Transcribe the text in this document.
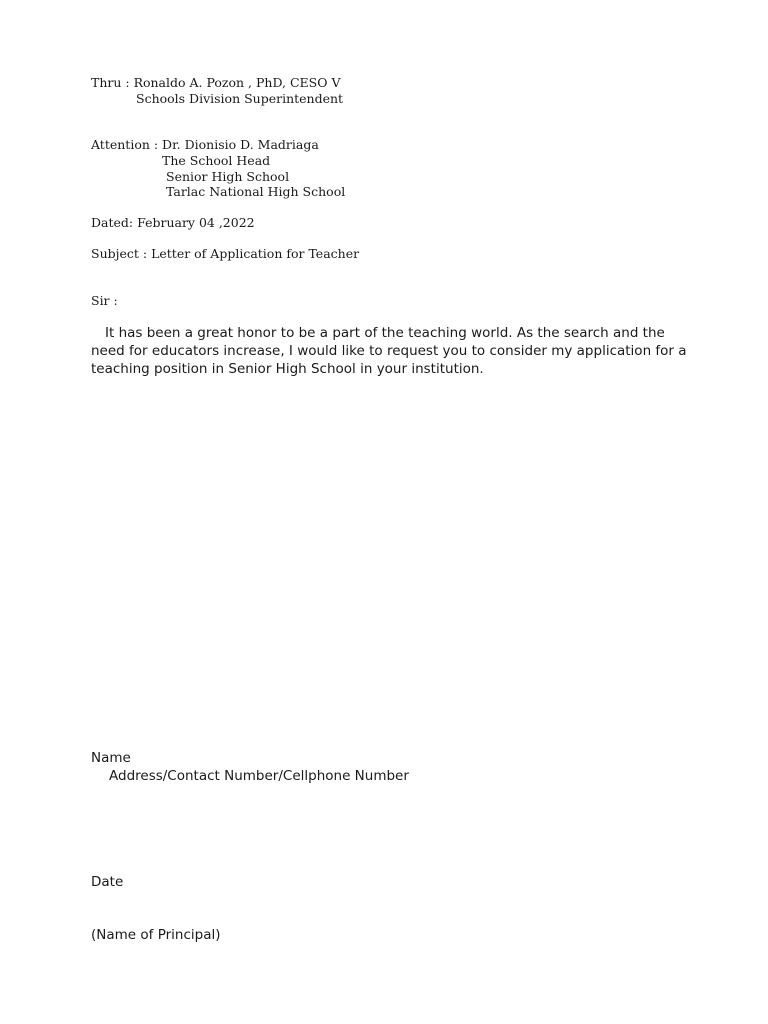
Thru : Ronaldo A. Pozon , PhD, CESO V
Schools Division Superintendent
Attention : Dr. Dionisio D. Madriaga
The School Head
Senior High School
Tarlac National High School
Dated: February 04 ,2022
Subject : Letter of Application for Teacher
Sir :
It has been a great honor to be a part of the teaching world. As the search and the need for educators increase, I would like to request you to consider my application for a teaching position in Senior High School in your institution.
Name
Address/Contact Number/Cellphone Number
Date
(Name of Principal)
